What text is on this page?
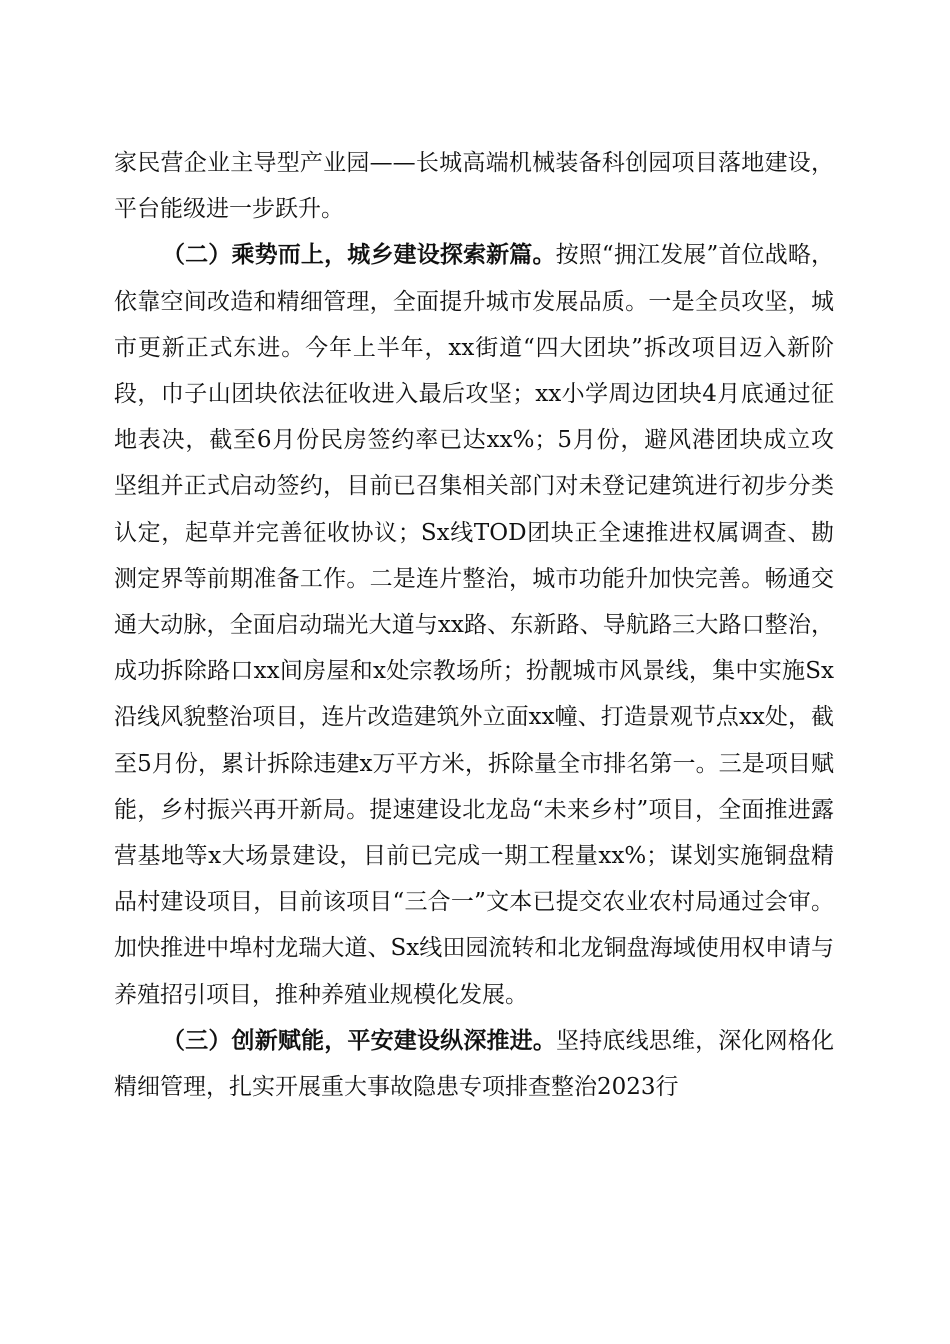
家民营企业主导型产业园——长城高端机械装备科创园项目落地建设，平台能级进一步跃升。

（二）乘势而上，城乡建设探索新篇。按照“拥江发展”首位战略，依靠空间改造和精细管理，全面提升城市发展品质。一是全员攻坚，城市更新正式东进。今年上半年，xx街道“四大团块”拆改项目迈入新阶段，巾子山团块依法征收进入最后攻坚；xx小学周边团块4月底通过征地表决，截至6月份民房签约率已达xx%；5月份，避风港团块成立攻坚组并正式启动签约，目前已召集相关部门对未登记建筑进行初步分类认定，起草并完善征收协议；Sx线TOD团块正全速推进权属调查、勘测定界等前期准备工作。二是连片整治，城市功能升加快完善。畅通交通大动脉，全面启动瑞光大道与xx路、东新路、导航路三大路口整治，成功拆除路口xx间房屋和x处宗教场所；扮靓城市风景线，集中实施Sx沿线风貌整治项目，连片改造建筑外立面xx幢、打造景观节点xx处，截至5月份，累计拆除违建x万平方米，拆除量全市排名第一。三是项目赋能，乡村振兴再开新局。提速建设北龙岛“未来乡村”项目，全面推进露营基地等x大场景建设，目前已完成一期工程量xx%；谋划实施铜盘精品村建设项目，目前该项目“三合一”文本已提交农业农村局通过会审。加快推进中埠村龙瑞大道、Sx线田园流转和北龙铜盘海域使用权申请与养殖招引项目，推种养殖业规模化发展。

（三）创新赋能，平安建设纵深推进。坚持底线思维，深化网格化精细管理，扎实开展重大事故隐患专项排查整治2023行
